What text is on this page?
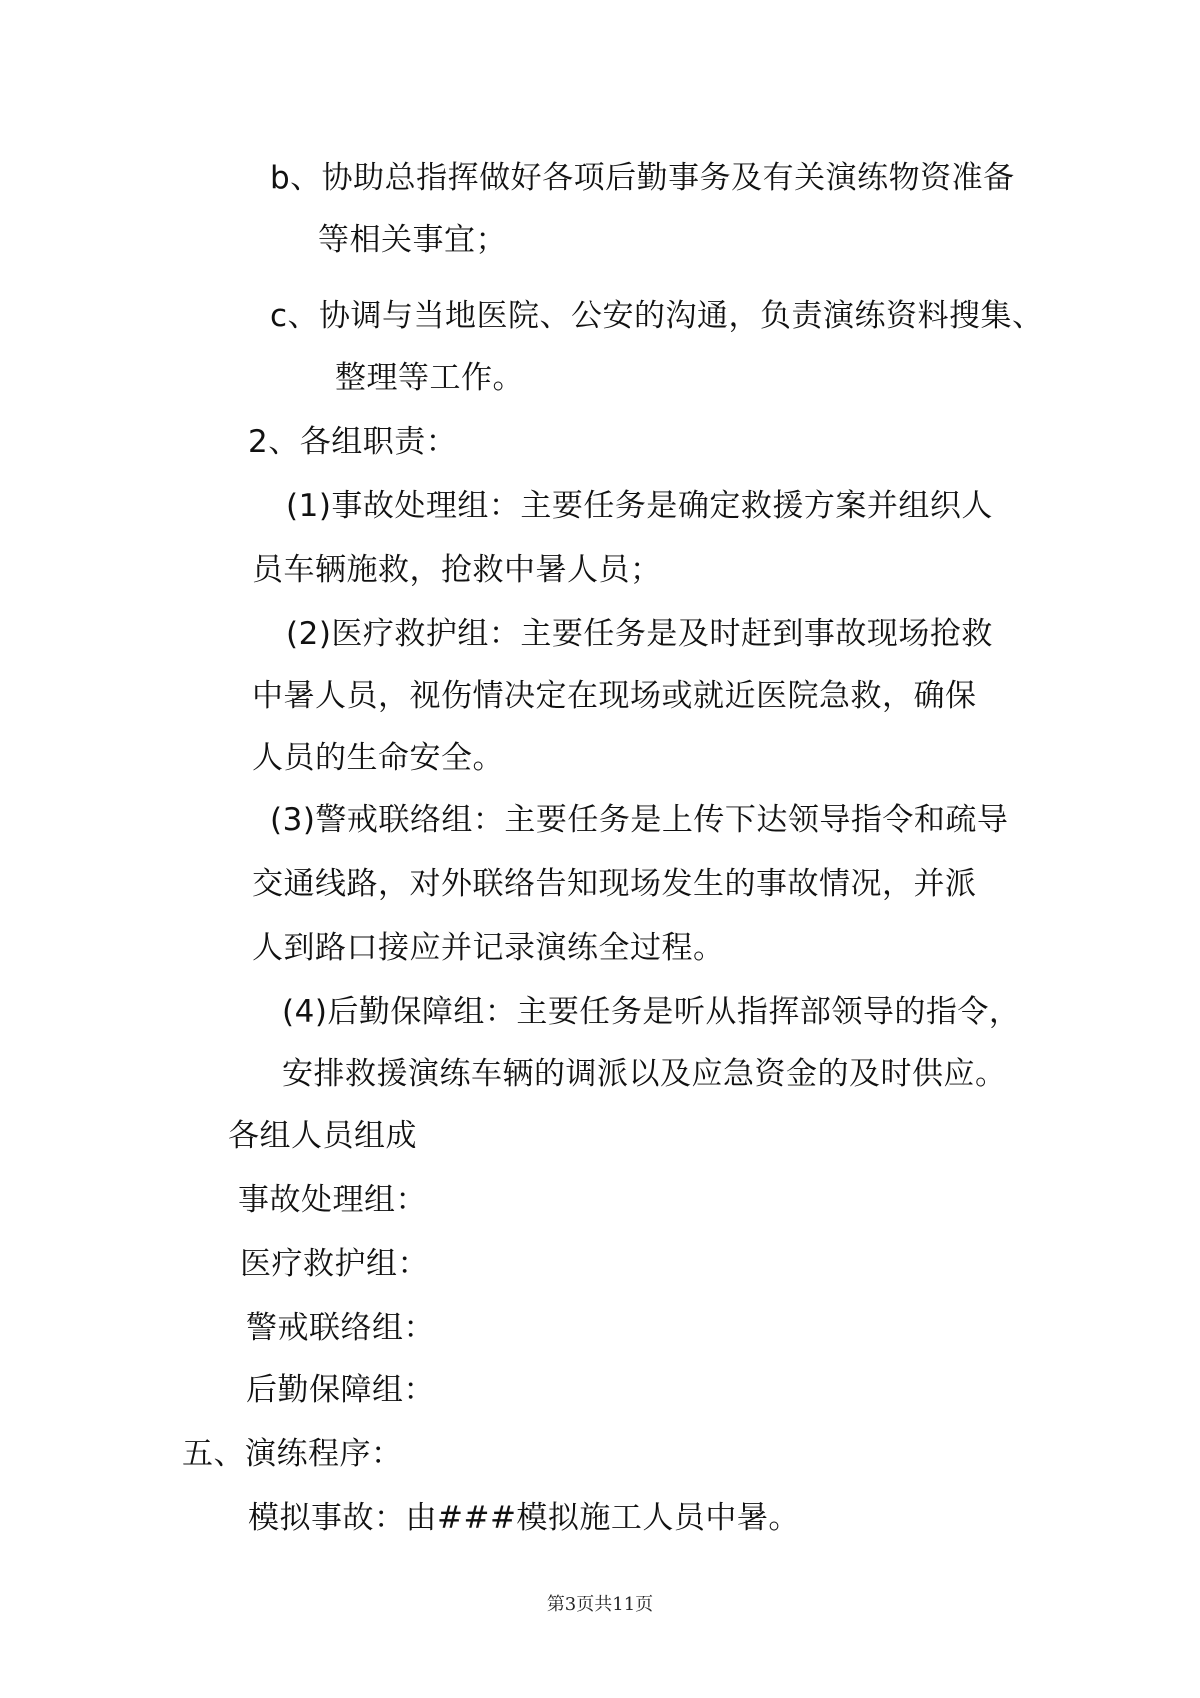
b、协助总指挥做好各项后勤事务及有关演练物资准备
等相关事宜；
c、协调与当地医院、公安的沟通，负责演练资料搜集、
整理等工作。
2、各组职责：
(1)事故处理组：主要任务是确定救援方案并组织人
员车辆施救，抢救中暑人员；
(2)医疗救护组：主要任务是及时赶到事故现场抢救
中暑人员，视伤情决定在现场或就近医院急救，确保
人员的生命安全。
(3)警戒联络组：主要任务是上传下达领导指令和疏导
交通线路，对外联络告知现场发生的事故情况，并派
人到路口接应并记录演练全过程。
(4)后勤保障组：主要任务是听从指挥部领导的指令，
安排救援演练车辆的调派以及应急资金的及时供应。
各组人员组成
事故处理组：
医疗救护组：
警戒联络组：
后勤保障组：
五、演练程序：
模拟事故：由###模拟施工人员中暑。
第3页共11页
